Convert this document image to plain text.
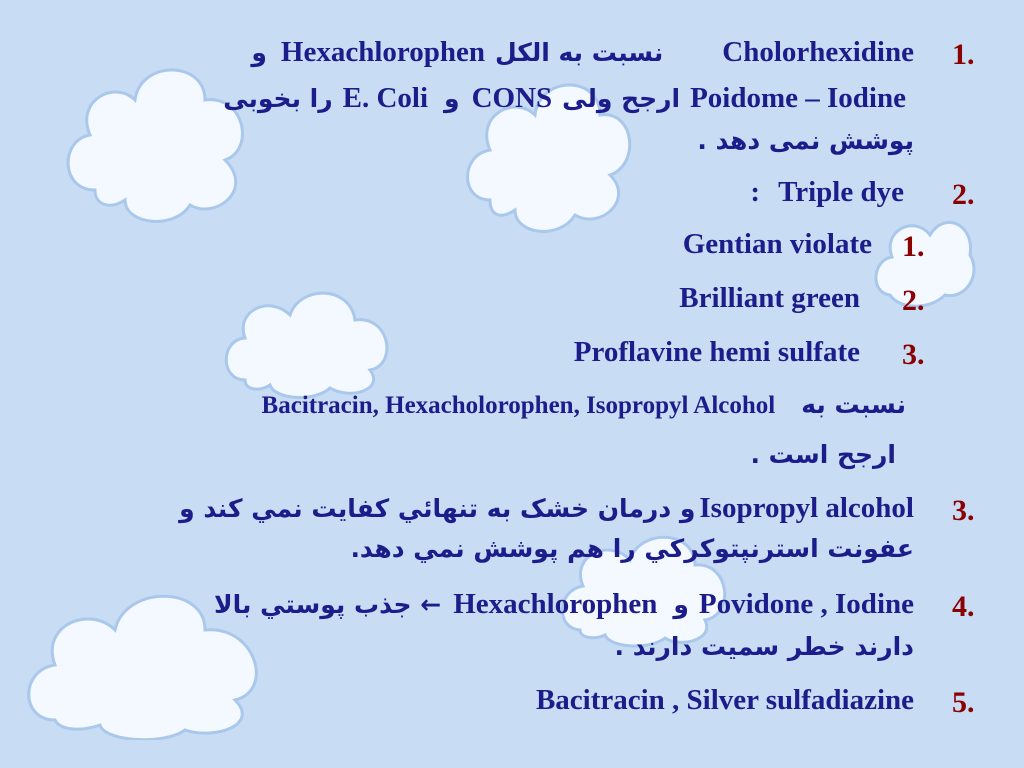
1.
Cholorhexidine نسبت به الکل Hexachlorophen و
Poidome – Iodine ارجح ولی CONS و E. Coli را بخوبی
پوشش نمی دهد .
2.
Triple dye :
1.
Gentian violate
2.
Brilliant green
3.
Proflavine hemi sulfate
نسبت به Bacitracin, Hexacholorophen, Isopropyl Alcohol
ارجح است .
3.
Isopropyl alcohol و درمان خشک به تنهائي کفايت نمي کند و
عفونت استرنپتوکرکي را هم پوشش نمي دهد.
4.
Povidone , Iodine و Hexachlorophen ← جذب پوستي بالا
دارند خطر سميت دارند .
5.
Bacitracin , Silver sulfadiazine
